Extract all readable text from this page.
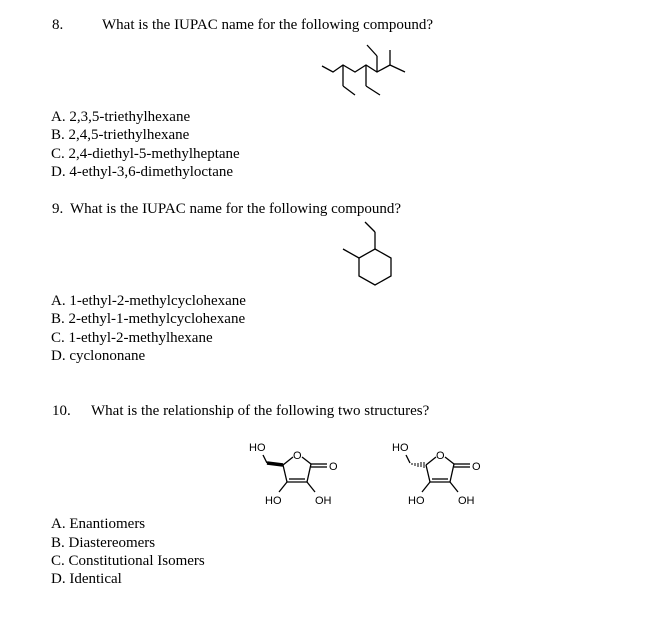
8.	What is the IUPAC name for the following compound?
A. 2,3,5-triethylhexane
B. 2,4,5-triethylhexane
C. 2,4-diethyl-5-methylheptane
D. 4-ethyl-3,6-dimethyloctane
9. What is the IUPAC name for the following compound?
A. 1-ethyl-2-methylcyclohexane
B. 2-ethyl-1-methylcyclohexane
C. 1-ethyl-2-methylhexane
D. cyclononane
10. What is the relationship of the following two structures?
HO
O
O
HO	OH
HO
O
O
HO	OH
A. Enantiomers
B. Diastereomers
C. Constitutional Isomers
D. Identical
